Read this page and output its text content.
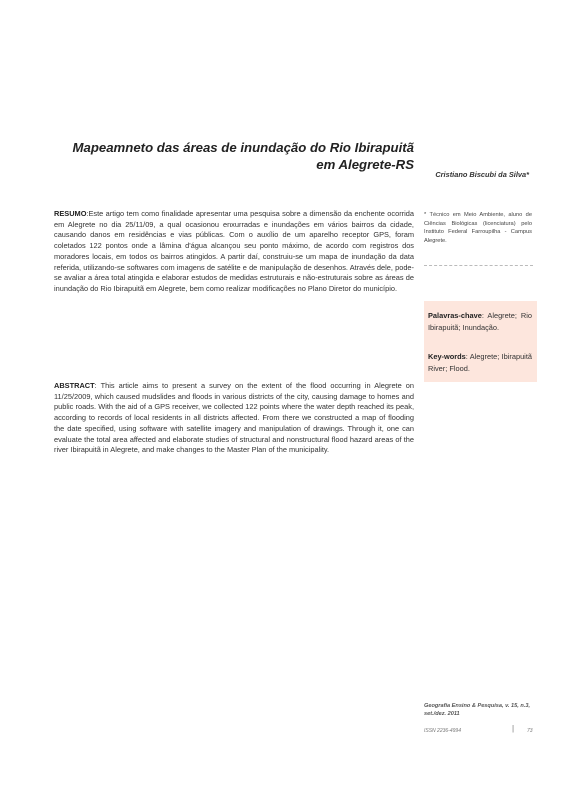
Mapeamneto das áreas de inundação do Rio Ibirapuitã em Alegrete-RS
Cristiano Biscubi da Silva*
RESUMO:Este artigo tem como finalidade apresentar uma pesquisa sobre a dimensão da enchente ocorrida em Alegrete no dia 25/11/09, a qual ocasionou enxurradas e inundações em vários bairros da cidade, causando danos em residências e vias públicas. Com o auxílio de um aparelho receptor GPS, foram coletados 122 pontos onde a lâmina d'água alcançou seu ponto máximo, de acordo com registros dos moradores locais, em todos os bairros atingidos. A partir daí, construiu-se um mapa de inundação da data referida, utilizando-se softwares com imagens de satélite e de manipulação de desenhos. Através dele, pode-se avaliar a área total atingida e elaborar estudos de medidas estruturais e não-estruturais sobre as áreas de inundação do Rio Ibirapuitã em Alegrete, bem como realizar modificações no Plano Diretor do município.
ABSTRACT: This article aims to present a survey on the extent of the flood occurring in Alegrete on 11/25/2009, which caused mudslides and floods in various districts of the city, causing damage to homes and public roads. With the aid of a GPS receiver, we collected 122 points where the water depth reached its peak, according to records of local residents in all districts affected. From there we constructed a map of flooding the date specified, using software with satellite imagery and manipulation of drawings. Through it, one can evaluate the total area affected and elaborate studies of structural and nonstructural flood hazard areas of the river Ibirapuitã in Alegrete, and make changes to the Master Plan of the municipality.
* Técnico em Meio Ambiente, aluno de Ciências Biológicas (licenciatura) pelo Instituto Federal Farroupilha - Campus Alegrete.
Palavras-chave: Alegrete; Rio Ibirapuitã; Inundação.
Key-words: Alegrete; Ibirapuitã River; Flood.
Geografia Ensino & Pesquisa, v. 15, n.3, set./dez. 2011
ISSN 2236-4994	|	73
